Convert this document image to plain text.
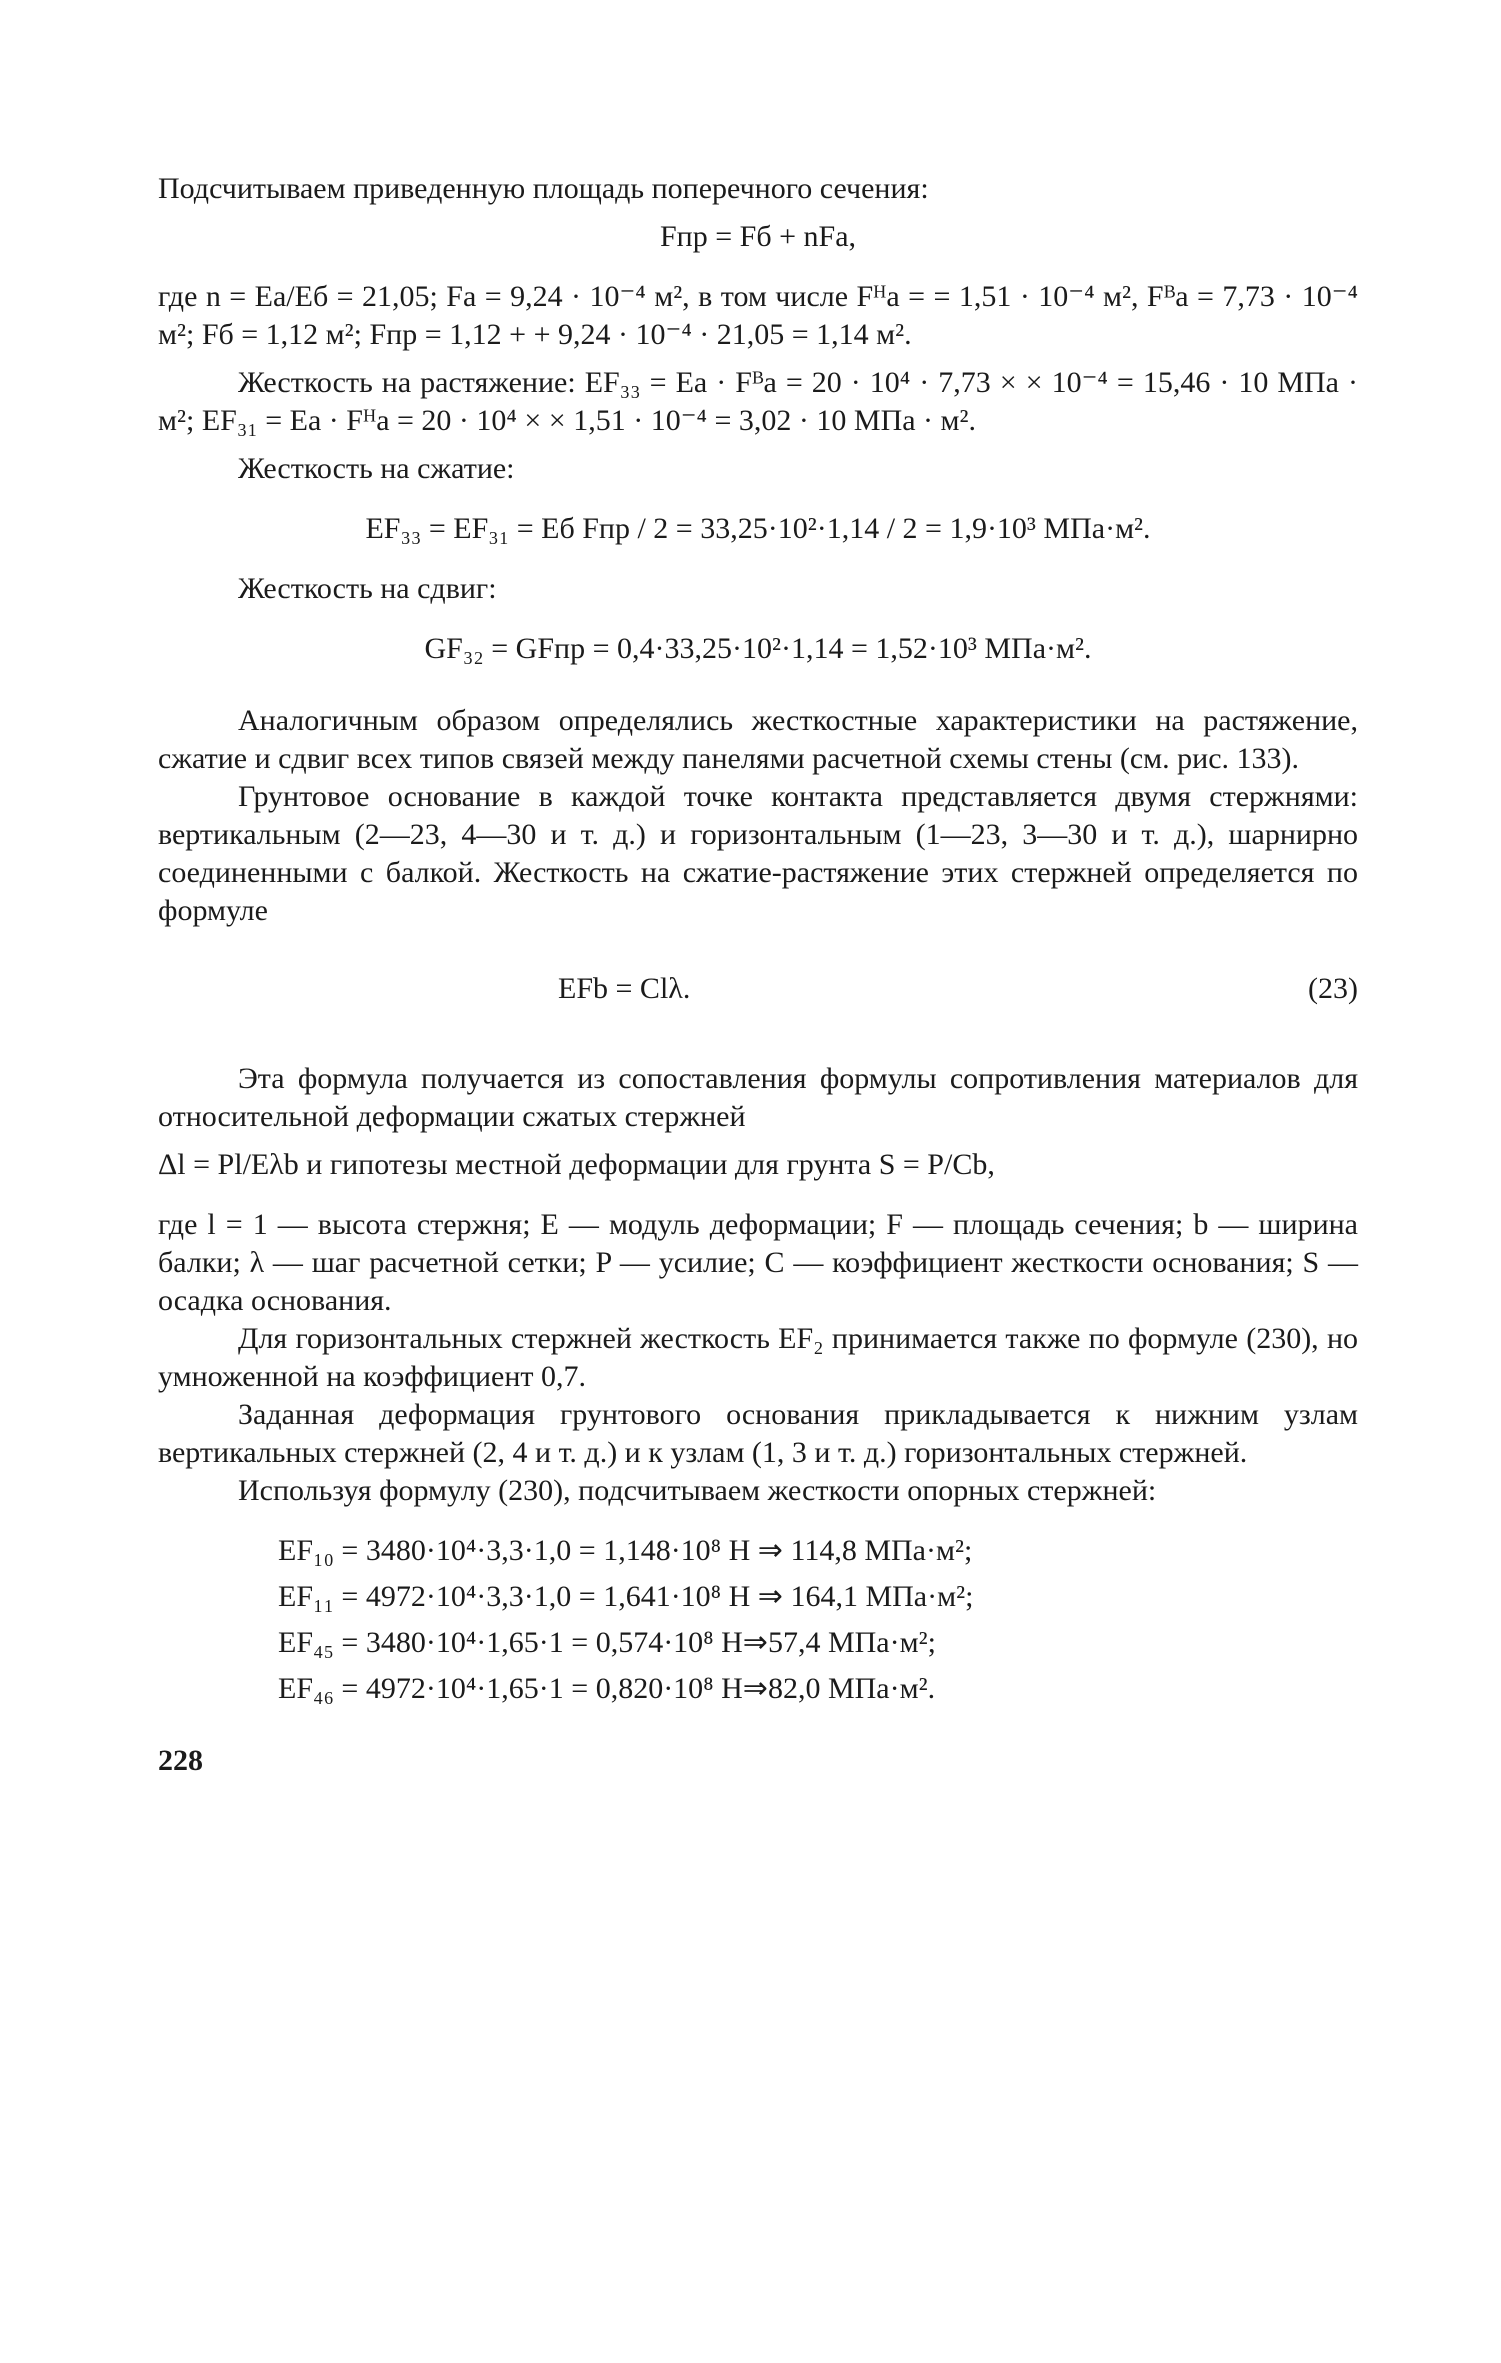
Подсчитываем приведенную площадь поперечного сечения:

Fпр = Fб + nFа,

где n = Eа/Eб = 21,05; Fа = 9,24 · 10⁻⁴ м², в том числе Fᴴа = = 1,51 · 10⁻⁴ м², Fᴮа = 7,73 · 10⁻⁴ м²; Fб = 1,12 м²; Fпр = 1,12 + + 9,24 · 10⁻⁴ · 21,05 = 1,14 м².

Жесткость на растяжение: EF₃₃ = Eа · Fᴮа = 20 · 10⁴ · 7,73 × × 10⁻⁴ = 15,46 · 10 МПа · м²; EF₃₁ = Eа · Fᴴа = 20 · 10⁴ × × 1,51 · 10⁻⁴ = 3,02 · 10 МПа · м².

Жесткость на сжатие:

EF₃₃ = EF₃₁ = Eб Fпр / 2 = 33,25·10²·1,14 / 2 = 1,9·10³ МПа·м².

Жесткость на сдвиг:

GF₃₂ = GFпр = 0,4·33,25·10²·1,14 = 1,52·10³ МПа·м².

Аналогичным образом определялись жесткостные характеристики на растяжение, сжатие и сдвиг всех типов связей между панелями расчетной схемы стены (см. рис. 133).

Грунтовое основание в каждой точке контакта представляется двумя стержнями: вертикальным (2—23, 4—30 и т. д.) и горизонтальным (1—23, 3—30 и т. д.), шарнирно соединенными с балкой. Жесткость на сжатие-растяжение этих стержней определяется по формуле

EFb = Clλ.	(23)

Эта формула получается из сопоставления формулы сопротивления материалов для относительной деформации сжатых стержней

Δl = Pl/Eλb и гипотезы местной деформации для грунта S = P/Cb,

где l = 1 — высота стержня; E — модуль деформации; F — площадь сечения; b — ширина балки; λ — шаг расчетной сетки; P — усилие; C — коэффициент жесткости основания; S — осадка основания.

Для горизонтальных стержней жесткость EF₂ принимается также по формуле (230), но умноженной на коэффициент 0,7.

Заданная деформация грунтового основания прикладывается к нижним узлам вертикальных стержней (2, 4 и т. д.) и к узлам (1, 3 и т. д.) горизонтальных стержней.

Используя формулу (230), подсчитываем жесткости опорных стержней:

EF₁₀ = 3480·10⁴·3,3·1,0 = 1,148·10⁸ Н ⇒ 114,8 МПа·м²;

EF₁₁ = 4972·10⁴·3,3·1,0 = 1,641·10⁸ Н ⇒ 164,1 МПа·м²;

EF₄₅ = 3480·10⁴·1,65·1 = 0,574·10⁸ Н⇒57,4 МПа·м²;

EF₄₆ = 4972·10⁴·1,65·1 = 0,820·10⁸ Н⇒82,0 МПа·м².

228
